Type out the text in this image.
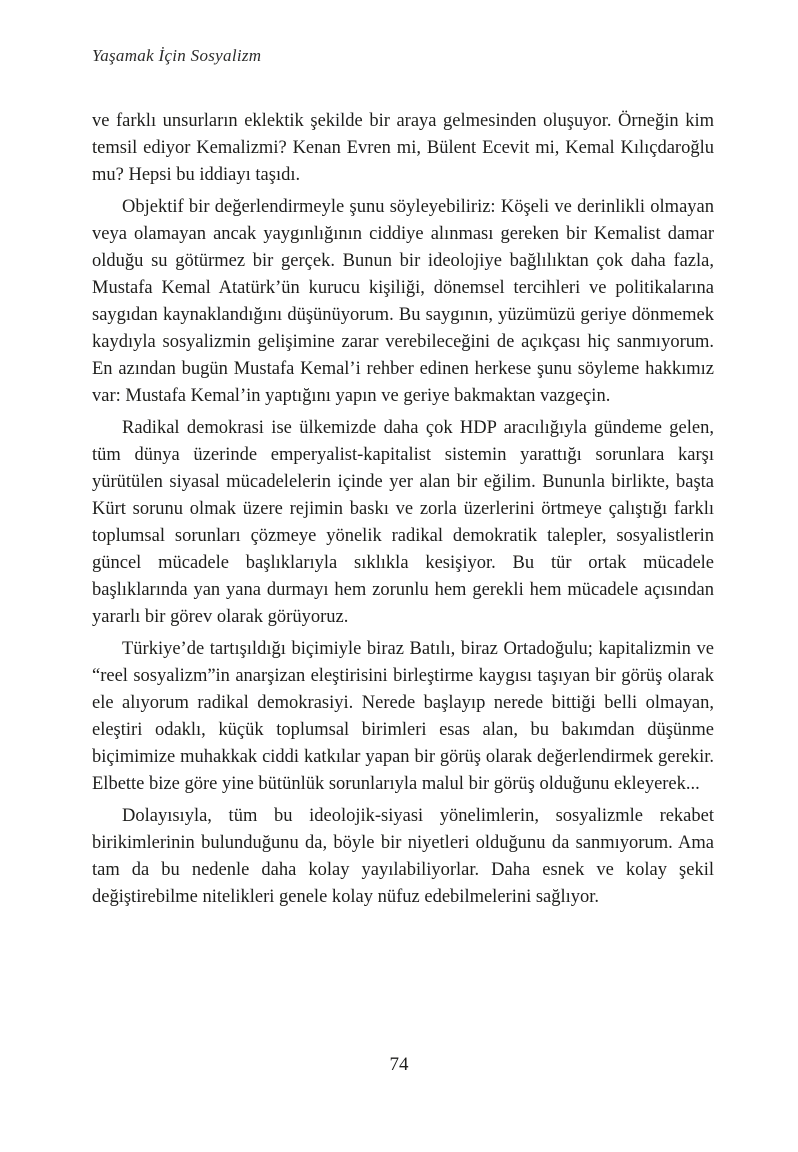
Yaşamak İçin Sosyalizm

ve farklı unsurların eklektik şekilde bir araya gelmesinden oluşuyor. Örneğin kim temsil ediyor Kemalizmi? Kenan Evren mi, Bülent Ecevit mi, Kemal Kılıçdaroğlu mu? Hepsi bu iddiayı taşıdı.

Objektif bir değerlendirmeyle şunu söyleyebiliriz: Köşeli ve derinlikli olmayan veya olamayan ancak yaygınlığının ciddiye alınması gereken bir Kemalist damar olduğu su götürmez bir gerçek. Bunun bir ideolojiye bağlılıktan çok daha fazla, Mustafa Kemal Atatürk’ün kurucu kişiliği, dönemsel tercihleri ve politikalarına saygıdan kaynaklandığını düşünüyorum. Bu saygının, yüzümüzü geriye dönmemek kaydıyla sosyalizmin gelişimine zarar verebileceğini de açıkçası hiç sanmıyorum. En azından bugün Mustafa Kemal’i rehber edinen herkese şunu söyleme hakkımız var: Mustafa Kemal’in yaptığını yapın ve geriye bakmaktan vazgeçin.

Radikal demokrasi ise ülkemizde daha çok HDP aracılığıyla gündeme gelen, tüm dünya üzerinde emperyalist-kapitalist sistemin yarattığı sorunlara karşı yürütülen siyasal mücadelelerin içinde yer alan bir eğilim. Bununla birlikte, başta Kürt sorunu olmak üzere rejimin baskı ve zorla üzerlerini örtmeye çalıştığı farklı toplumsal sorunları çözmeye yönelik radikal demokratik talepler, sosyalistlerin güncel mücadele başlıklarıyla sıklıkla kesişiyor. Bu tür ortak mücadele başlıklarında yan yana durmayı hem zorunlu hem gerekli hem mücadele açısından yararlı bir görev olarak görüyoruz.

Türkiye’de tartışıldığı biçimiyle biraz Batılı, biraz Ortadoğulu; kapitalizmin ve “reel sosyalizm”in anarşizan eleştirisini birleştirme kaygısı taşıyan bir görüş olarak ele alıyorum radikal demokrasiyi. Nerede başlayıp nerede bittiği belli olmayan, eleştiri odaklı, küçük toplumsal birimleri esas alan, bu bakımdan düşünme biçimimize muhakkak ciddi katkılar yapan bir görüş olarak değerlendirmek gerekir. Elbette bize göre yine bütünlük sorunlarıyla malul bir görüş olduğunu ekleyerek...

Dolayısıyla, tüm bu ideolojik-siyasi yönelimlerin, sosyalizmle rekabet birikimlerinin bulunduğunu da, böyle bir niyetleri olduğunu da sanmıyorum. Ama tam da bu nedenle daha kolay yayılabiliyorlar. Daha esnek ve kolay şekil değiştirebilme nitelikleri genele kolay nüfuz edebilmelerini sağlıyor.

74
